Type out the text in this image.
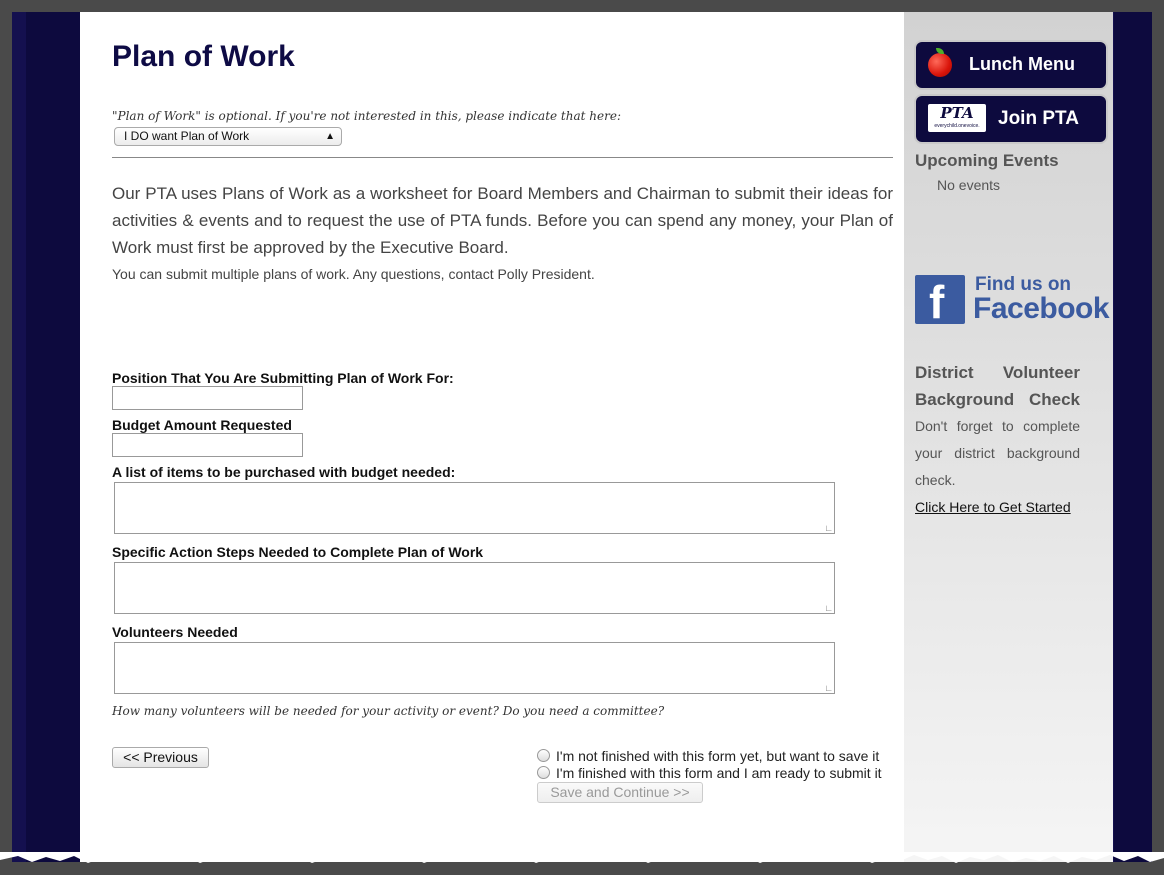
Plan of Work
"Plan of Work" is optional. If you're not interested in this, please indicate that here:
I DO want Plan of Work	▲︎

Our PTA uses Plans of Work as a worksheet for Board Members and Chairman to submit their ideas for activities & events and to request the use of PTA funds. Before you can spend any money, your Plan of Work must first be approved by the Executive Board.

You can submit multiple plans of work. Any questions, contact Polly President.
Position That You Are Submitting Plan of Work For:
Budget Amount Requested
A list of items to be purchased with budget needed:
∟
Specific Action Steps Needed to Complete Plan of Work
∟
Volunteers Needed
∟
How many volunteers will be needed for your activity or event? Do you need a committee?
<< Previous	I'm not finished with this form yet, but want to save it
I'm finished with this form and I am ready to submit it
Save and Continue >>
Lunch Menu
PTA
everychild.onevoice. Join PTA
Upcoming Events
No events
f Find us on
Facebook
District Volunteer
Background Check
Don't forget to complete your district background check.
Click Here to Get Started
